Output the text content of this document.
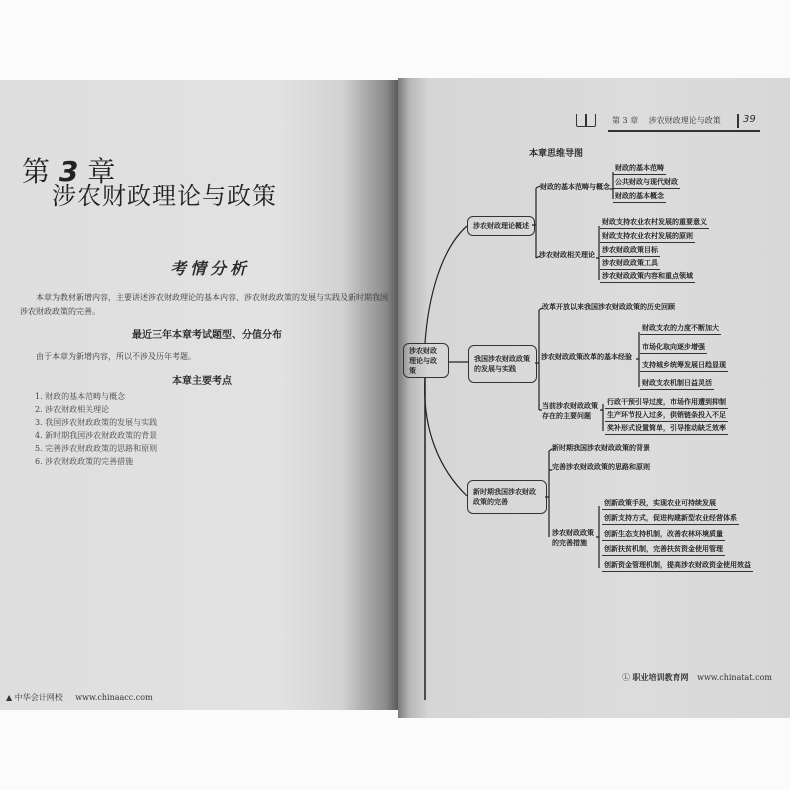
第 3 章
涉农财政理论与政策
考情分析
本章为教材新增内容，主要讲述涉农财政理论的基本内容、涉农财政政策的发展与实践及新时期我国
涉农财政政策的完善。
最近三年本章考试题型、分值分布
由于本章为新增内容，所以不涉及历年考题。
本章主要考点
1. 财政的基本范畴与概念
2. 涉农财政相关理论
3. 我国涉农财政政策的发展与实践
4. 新时期我国涉农财政政策的背景
5. 完善涉农财政政策的思路和原则
6. 涉农财政政策的完善措施
▲ 中华会计网校 www.chinaacc.com
第 3 章 涉农财政理论与政策 39
本章思维导图
涉农财政理论与政策
涉农财政理论概述
我国涉农财政政策的发展与实践
新时期我国涉农财政政策的完善
财政的基本范畴与概念
财政的基本范畴
公共财政与现代财政
财政的基本概念
涉农财政相关理论
财政支持农业农村发展的重要意义
财政支持农业农村发展的原则
涉农财政政策目标
涉农财政政策工具
涉农财政政策内容和重点领域
改革开放以来我国涉农财政政策的历史回顾
涉农财政政策改革的基本经验
财政支农的力度不断加大
市场化取向逐步增强
支持城乡统筹发展日趋显现
财政支农机制日益灵活
当前涉农财政政策存在的主要问题
行政干预引导过度，市场作用遭到抑制
生产环节投入过多，供销链条投入不足
奖补形式设置简单，引导推动缺乏效率
新时期我国涉农财政政策的背景
完善涉农财政政策的思路和原则
涉农财政政策的完善措施
创新政策手段，实现农业可持续发展
创新支持方式，促进构建新型农业经营体系
创新生态支持机制，改善农林环境质量
创新扶贫机制，完善扶贫资金使用管理
创新资金管理机制，提高涉农财政资金使用效益
Ⓛ 职业培训教育网 www.chinatat.com
